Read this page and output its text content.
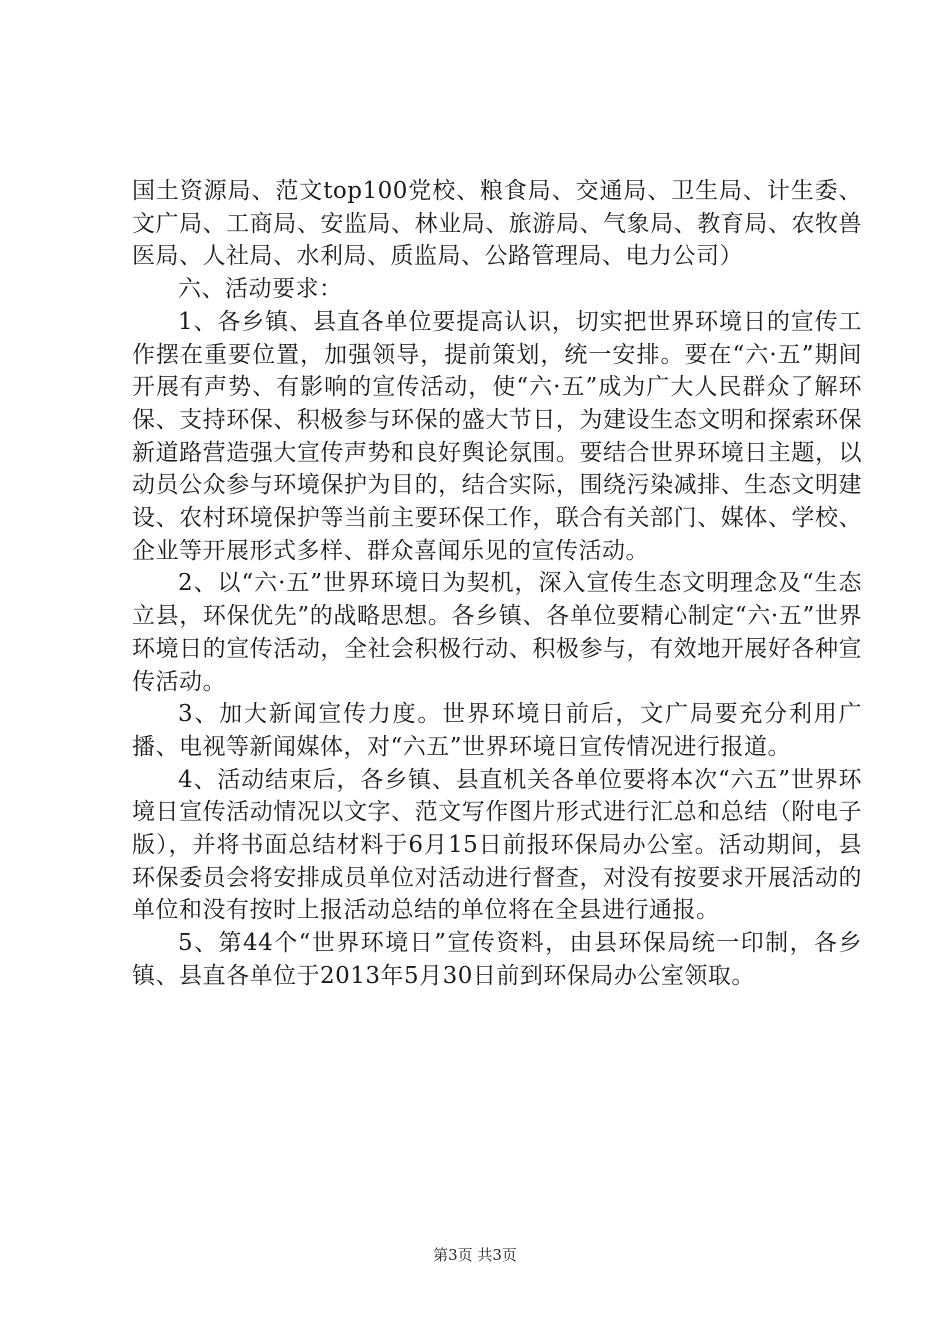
国土资源局、范文top100党校、粮食局、交通局、卫生局、计生委、文广局、工商局、安监局、林业局、旅游局、气象局、教育局、农牧兽医局、人社局、水利局、质监局、公路管理局、电力公司）

六、活动要求：

1、各乡镇、县直各单位要提高认识，切实把世界环境日的宣传工作摆在重要位置，加强领导，提前策划，统一安排。要在“六·五”期间开展有声势、有影响的宣传活动，使“六·五”成为广大人民群众了解环保、支持环保、积极参与环保的盛大节日，为建设生态文明和探索环保新道路营造强大宣传声势和良好舆论氛围。要结合世界环境日主题，以动员公众参与环境保护为目的，结合实际，围绕污染减排、生态文明建设、农村环境保护等当前主要环保工作，联合有关部门、媒体、学校、企业等开展形式多样、群众喜闻乐见的宣传活动。

2、以“六·五”世界环境日为契机，深入宣传生态文明理念及“生态立县，环保优先”的战略思想。各乡镇、各单位要精心制定“六·五”世界环境日的宣传活动，全社会积极行动、积极参与，有效地开展好各种宣传活动。

3、加大新闻宣传力度。世界环境日前后，文广局要充分利用广播、电视等新闻媒体，对“六五”世界环境日宣传情况进行报道。

4、活动结束后，各乡镇、县直机关各单位要将本次“六五”世界环境日宣传活动情况以文字、范文写作图片形式进行汇总和总结（附电子版），并将书面总结材料于6月15日前报环保局办公室。活动期间，县环保委员会将安排成员单位对活动进行督查，对没有按要求开展活动的单位和没有按时上报活动总结的单位将在全县进行通报。

5、第44个“世界环境日”宣传资料，由县环保局统一印制，各乡镇、县直各单位于2013年5月30日前到环保局办公室领取。

第3页 共3页
